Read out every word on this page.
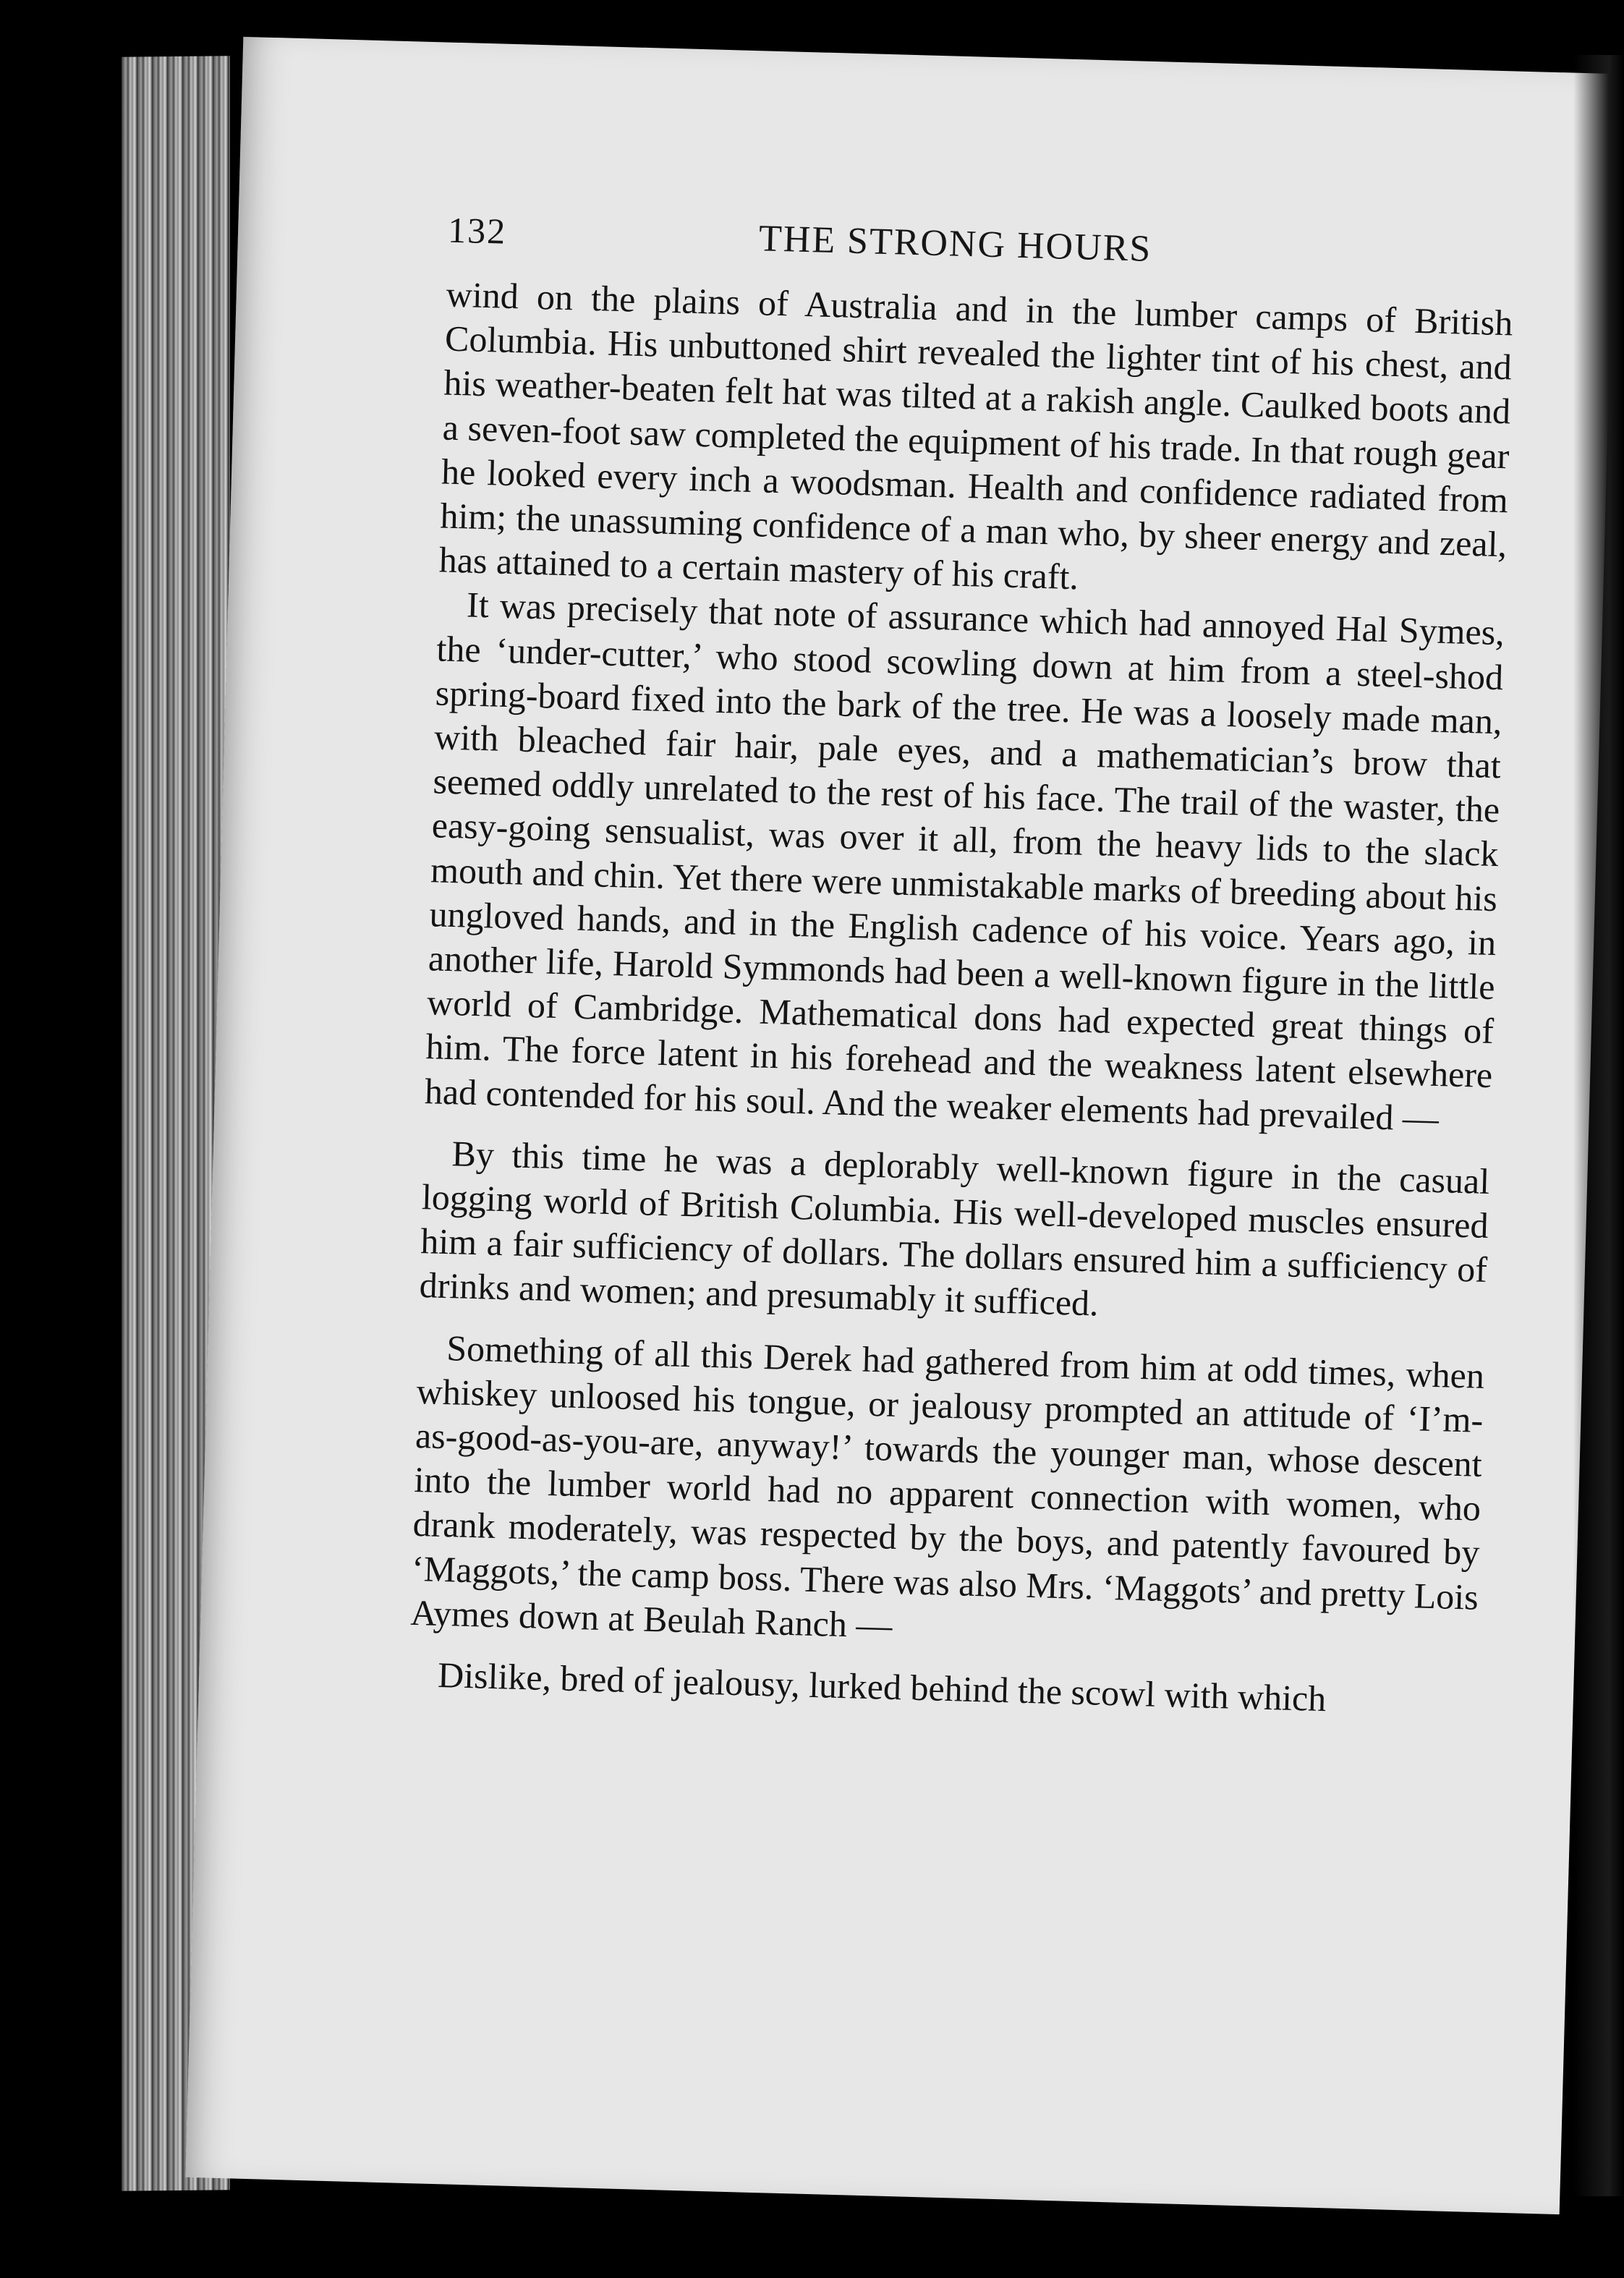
132	THE STRONG HOURS

wind on the plains of Australia and in the lumber camps of British Columbia. His unbuttoned shirt revealed the lighter tint of his chest, and his weather-beaten felt hat was tilted at a rakish angle. Caulked boots and a seven-foot saw completed the equipment of his trade. In that rough gear he looked every inch a woodsman. Health and confidence radiated from him; the unassuming confidence of a man who, by sheer energy and zeal, has attained to a certain mastery of his craft.

It was precisely that note of assurance which had annoyed Hal Symes, the ‘under-cutter,’ who stood scowling down at him from a steel-shod spring-board fixed into the bark of the tree. He was a loosely made man, with bleached fair hair, pale eyes, and a mathematician’s brow that seemed oddly unrelated to the rest of his face. The trail of the waster, the easy-going sensualist, was over it all, from the heavy lids to the slack mouth and chin. Yet there were unmistakable marks of breeding about his ungloved hands, and in the English cadence of his voice. Years ago, in another life, Harold Symmonds had been a well-known figure in the little world of Cambridge. Mathematical dons had expected great things of him. The force latent in his forehead and the weakness latent elsewhere had contended for his soul. And the weaker elements had prevailed —

By this time he was a deplorably well-known figure in the casual logging world of British Columbia. His well-developed muscles ensured him a fair sufficiency of dollars. The dollars ensured him a sufficiency of drinks and women; and presumably it sufficed.

Something of all this Derek had gathered from him at odd times, when whiskey unloosed his tongue, or jealousy prompted an attitude of ‘I’m-as-good-as-you-are, anyway!’ towards the younger man, whose descent into the lumber world had no apparent connection with women, who drank moderately, was respected by the boys, and patently favoured by ‘Maggots,’ the camp boss. There was also Mrs. ‘Maggots’ and pretty Lois Aymes down at Beulah Ranch —

Dislike, bred of jealousy, lurked behind the scowl with which
